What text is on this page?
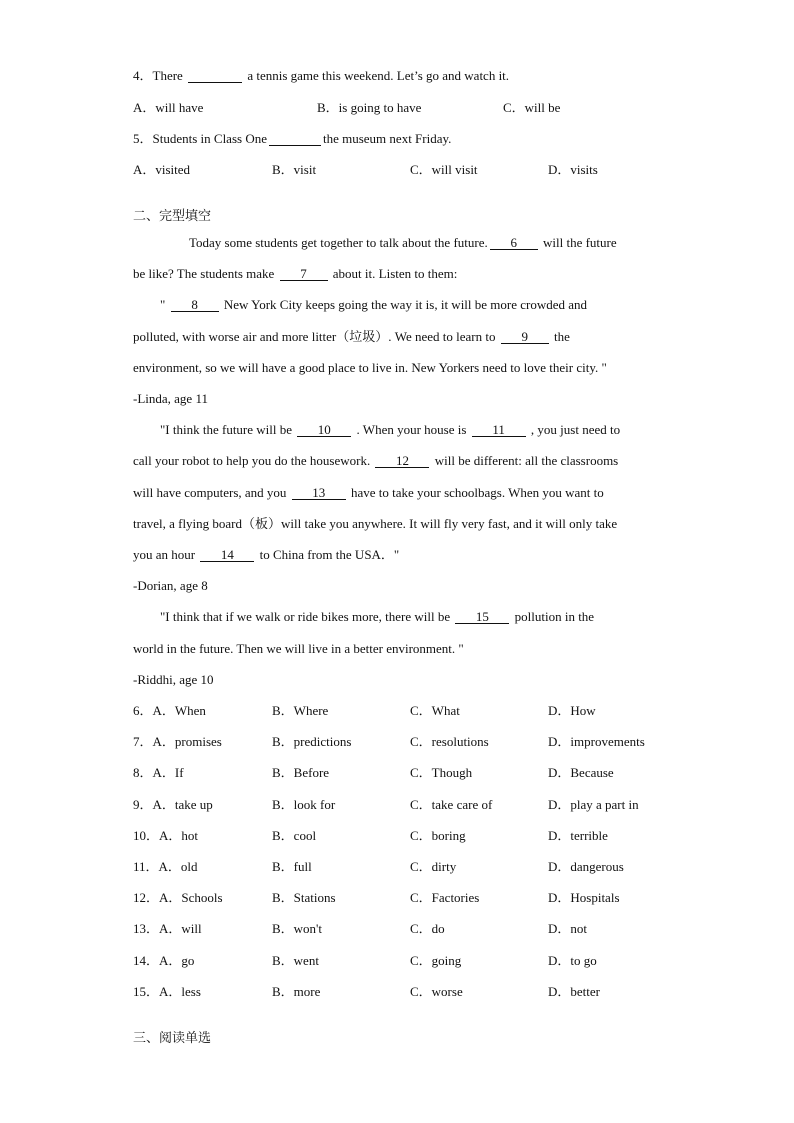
4．There	a tennis game this weekend. Let’s go and watch it.
A．will have	B．is going to have	C．will be
5．Students in Class One	the museum next Friday.
A．visited	B．visit	C．will visit	D．visits
二、完型填空
Today some students get together to talk about the future. 6 will the future
be like? The students make 7 about it. Listen to them:
" 8 New York City keeps going the way it is, it will be more crowded and
polluted, with worse air and more litter（垃圾）. We need to learn to 9 the
environment, so we will have a good place to live in. New Yorkers need to love their city. "
-Linda, age 11
"I think the future will be 10 . When your house is 11 , you just need to
call your robot to help you do the housework. 12 will be different: all the classrooms
will have computers, and you 13 have to take your schoolbags. When you want to
travel, a flying board（板）will take you anywhere. It will fly very fast, and it will only take
you an hour 14 to China from the USA．"
-Dorian, age 8
"I think that if we walk or ride bikes more, there will be 15 pollution in the
world in the future. Then we will live in a better environment. "
-Riddhi, age 10
6．A．When	B．Where	C．What	D．How
7．A．promises	B．predictions	C．resolutions	D．improvements
8．A．If	B．Before	C．Though	D．Because
9．A．take up	B．look for	C．take care of	D．play a part in
10．A．hot	B．cool	C．boring	D．terrible
11．A．old	B．full	C．dirty	D．dangerous
12．A．Schools	B．Stations	C．Factories	D．Hospitals
13．A．will	B．won't	C．do	D．not
14．A．go	B．went	C．going	D．to go
15．A．less	B．more	C．worse	D．better
三、阅读单选
